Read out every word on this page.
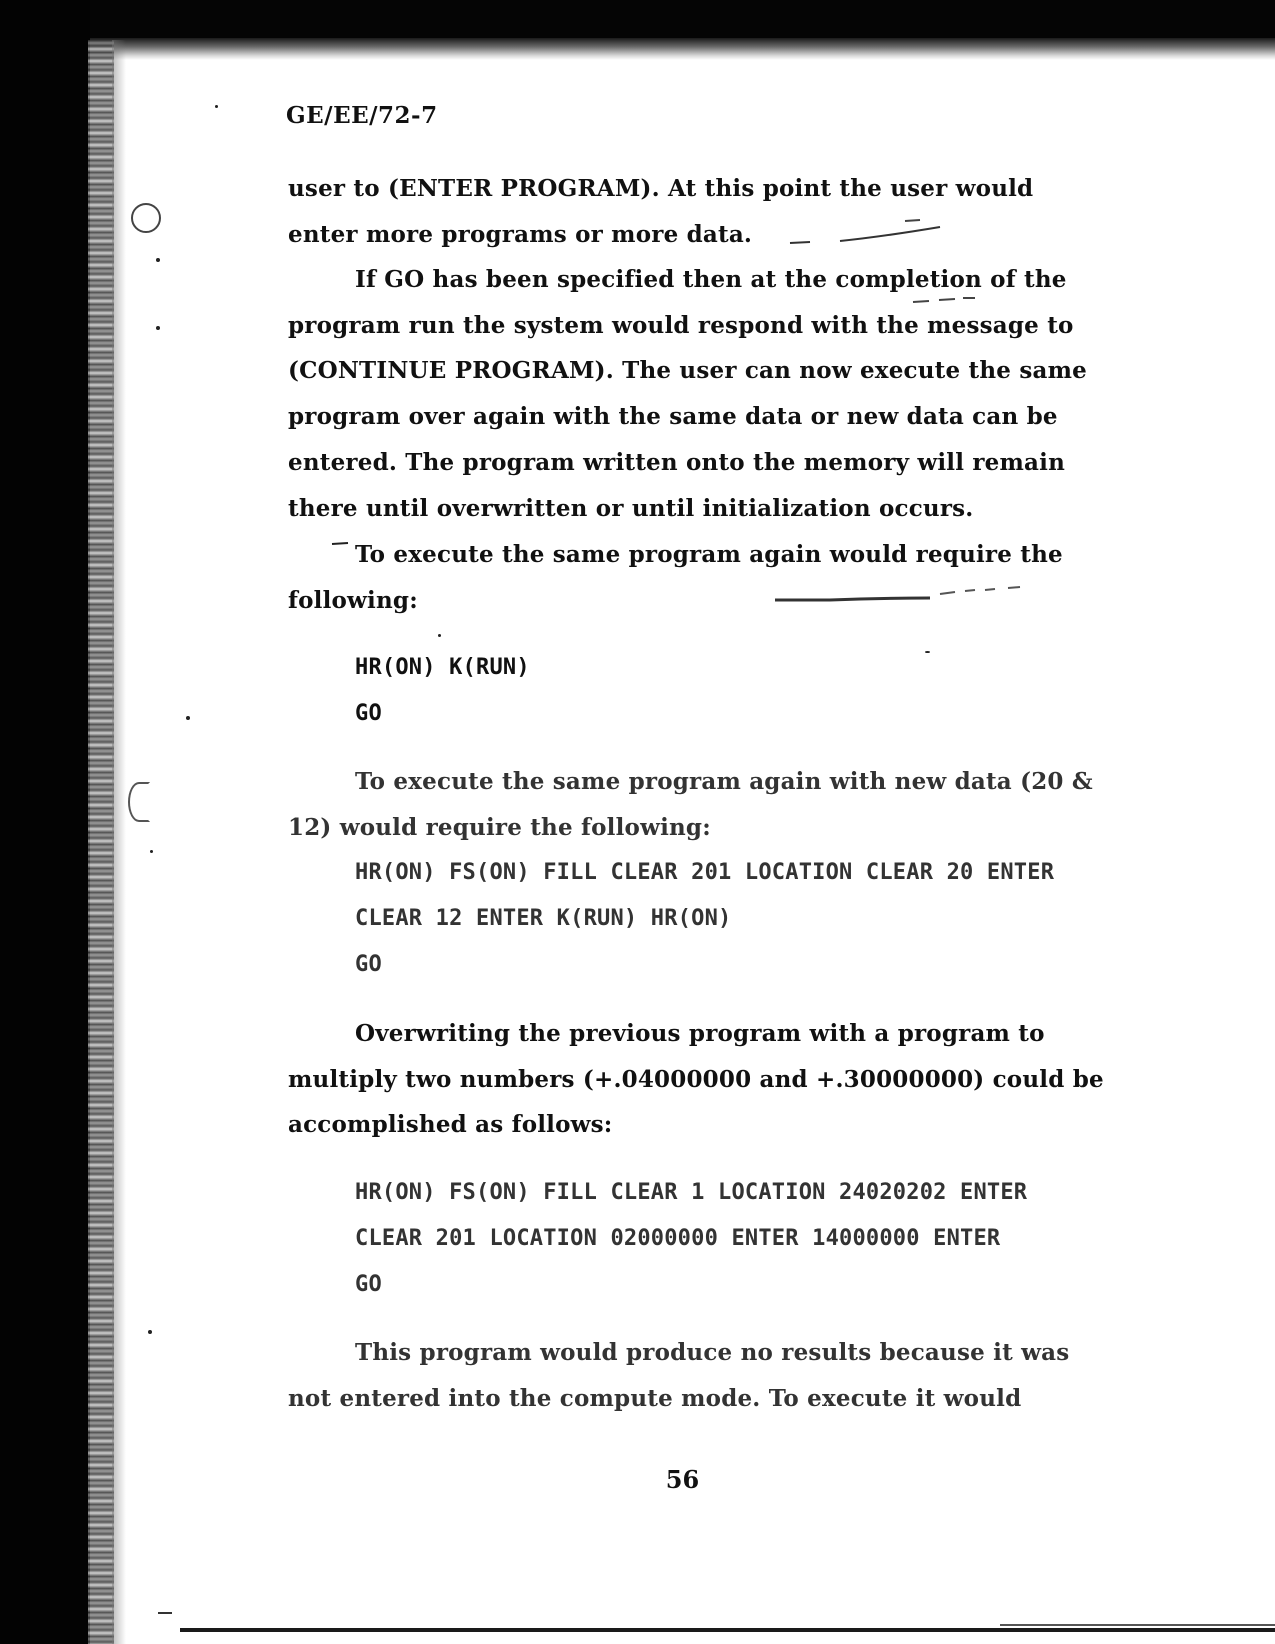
GE/EE/72-7

user to (ENTER PROGRAM). At this point the user would

enter more programs or more data.

If GO has been specified then at the completion of the

program run the system would respond with the message to

(CONTINUE PROGRAM). The user can now execute the same

program over again with the same data or new data can be

entered. The program written onto the memory will remain

there until overwritten or until initialization occurs.

To execute the same program again would require the

following:

HR(ON) K(RUN)

GO

To execute the same program again with new data (20 &

12) would require the following:

HR(ON) FS(ON) FILL CLEAR 201 LOCATION CLEAR 20 ENTER

CLEAR 12 ENTER K(RUN) HR(ON)

GO

Overwriting the previous program with a program to

multiply two numbers (+.04000000 and +.30000000) could be

accomplished as follows:

HR(ON) FS(ON) FILL CLEAR 1 LOCATION 24020202 ENTER

CLEAR 201 LOCATION 02000000 ENTER 14000000 ENTER

GO

This program would produce no results because it was

not entered into the compute mode. To execute it would

56
